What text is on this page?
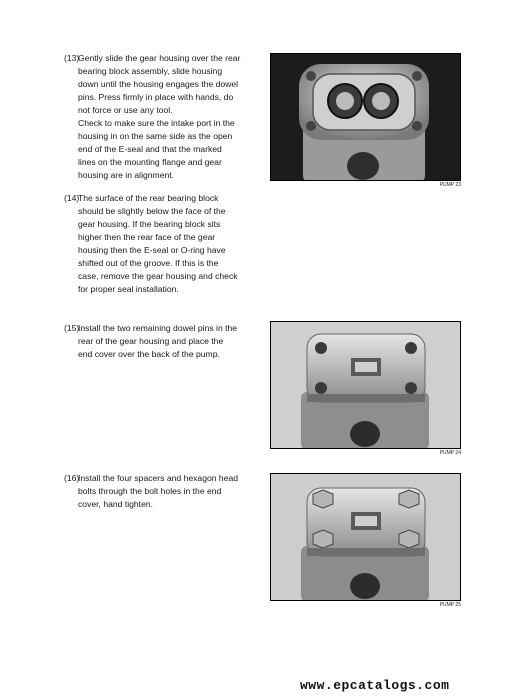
(13)
Gently slide the gear housing over the rear
bearing block assembly, slide housing
down until the housing engages the dowel
pins. Press firmly in place with hands, do
not force or use any tool.
Check to make sure the intake port in the
housing in on the same side as the open
end of the E-seal and that the marked
lines on the mounting flange and gear
housing are in alignment.
(14)
The surface of the rear bearing block
should be slightly below the face of the
gear housing. If the bearing block sits
higher then the rear face of the gear
housing then the E-seal or O-ring have
shifted out of the groove. If this is the
case, remove the gear housing and check
for proper seal installation.
(15)
Install the two remaining dowel pins in the
rear of the gear housing and place the
end cover over the back of the pump.
(16)
Install the four spacers and hexagon head
bolts through the bolt holes in the end
cover, hand tighten.
PUMP 23
PUMP 24
PUMP 25
www.epcatalogs.com
